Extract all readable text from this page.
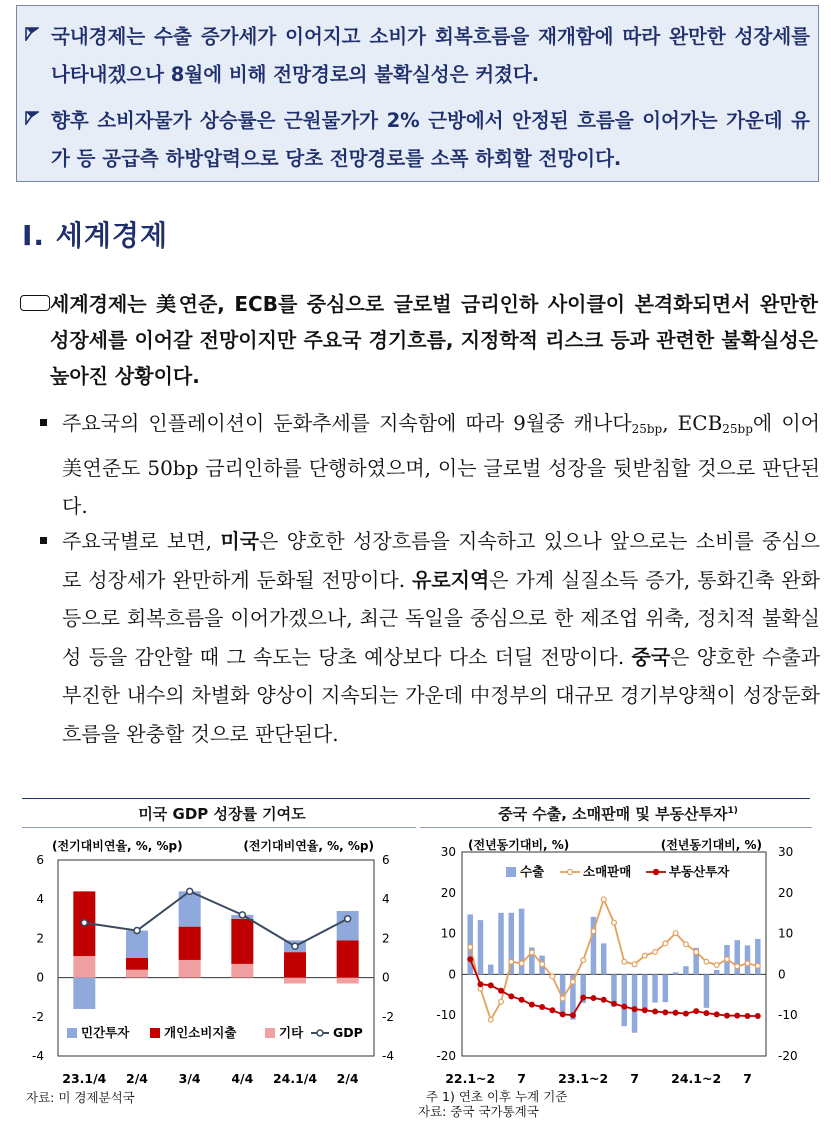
국내경제는 수출 증가세가 이어지고 소비가 회복흐름을 재개함에 따라 완만한 성장세를 나타내겠으나 8월에 비해 전망경로의 불확실성은 커졌다.
향후 소비자물가 상승률은 근원물가가 2% 근방에서 안정된 흐름을 이어가는 가운데 유가 등 공급측 하방압력으로 당초 전망경로를 소폭 하회할 전망이다.
Ⅰ. 세계경제
세계경제는 美연준, ECB를 중심으로 글로벌 금리인하 사이클이 본격화되면서 완만한 성장세를 이어갈 전망이지만 주요국 경기흐름, 지정학적 리스크 등과 관련한 불확실성은 높아진 상황이다.
주요국의 인플레이션이 둔화추세를 지속함에 따라 9월중 캐나다$_{25bp}$, $ECB_{25bp}$에 이어 美연준도 50bp 금리인하를 단행하였으며, 이는 글로벌 성장을 뒷받침할 것으로 판단된다.
주요국별로 보면, 미국은 양호한 성장흐름을 지속하고 있으나 앞으로는 소비를 중심으로 성장세가 완만하게 둔화될 전망이다. 유로지역은 가계 실질소득 증가, 통화긴축 완화 등으로 회복흐름을 이어가겠으나, 최근 독일을 중심으로 한 제조업 위축, 정치적 불확실성 등을 감안할 때 그 속도는 당초 예상보다 다소 더딜 전망이다. 중국은 양호한 수출과 부진한 내수의 차별화 양상이 지속되는 가운데 中정부의 대규모 경기부양책이 성장둔화 흐름을 완충할 것으로 판단된다.
미국 GDP 성장률 기여도	중국 수출, 소매판매 및 부동산투자$^{1)}$
(전기대비연율, %, %p)	(전기대비연율, %, %p)
6	6
4	4
2	2
0	0
-2	-2
-4	-4
23.1/4 2/4 3/4 4/4 24.1/4 2/4
민간투자	개인소비지출	기타 GDP
(전년동기대비, %)	(전년동기대비, %)
30	30
20	20
10	10
0	0
-10	-10
-20	-20
22.1~2 7	23.1~2 7	24.1~2 7
수출	소매판매	부동산투자
자료: 미 경제분석국	주 1) 연초 이후 누계 기준
자료: 중국 국가통계국
